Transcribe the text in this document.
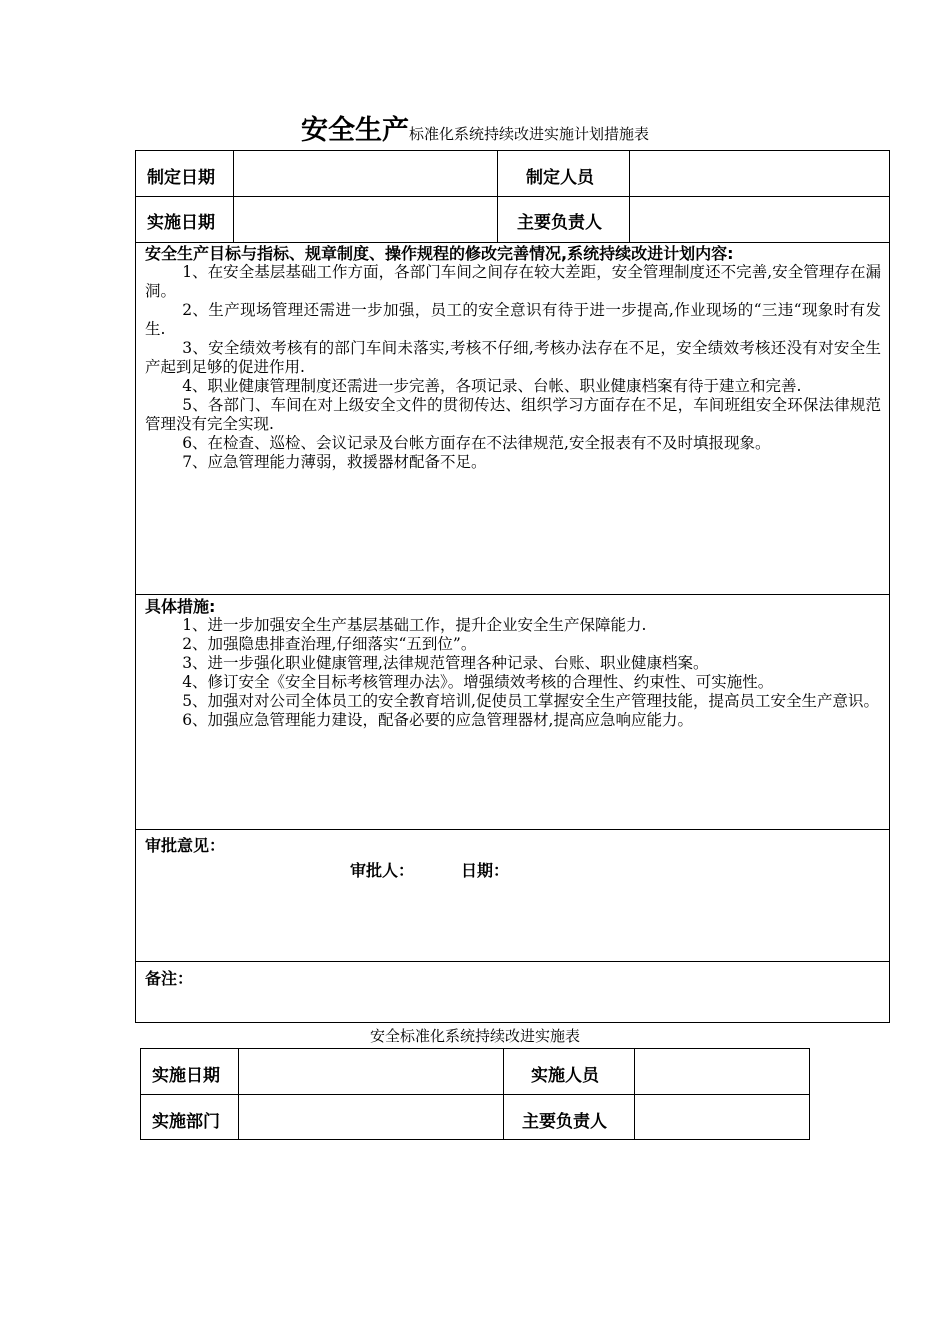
安全生产标准化系统持续改进实施计划措施表
制定日期	制定人员
实施日期	主要负责人
安全生产目标与指标、规章制度、操作规程的修改完善情况,系统持续改进计划内容:
1、在安全基层基础工作方面，各部门车间之间存在较大差距，安全管理制度还不完善,安全管理存在漏洞。
2、生产现场管理还需进一步加强，员工的安全意识有待于进一步提高,作业现场的“三违“现象时有发生.
3、安全绩效考核有的部门车间未落实,考核不仔细,考核办法存在不足，安全绩效考核还没有对安全生产起到足够的促进作用.
4、职业健康管理制度还需进一步完善，各项记录、台帐、职业健康档案有待于建立和完善.
5、各部门、车间在对上级安全文件的贯彻传达、组织学习方面存在不足，车间班组安全环保法律规范管理没有完全实现.
6、在检查、巡检、会议记录及台帐方面存在不法律规范,安全报表有不及时填报现象。
7、应急管理能力薄弱，救援器材配备不足。
具体措施:
1、进一步加强安全生产基层基础工作，提升企业安全生产保障能力.
2、加强隐患排查治理,仔细落实“五到位”。
3、进一步强化职业健康管理,法律规范管理各种记录、台账、职业健康档案。
4、修订安全《安全目标考核管理办法》。增强绩效考核的合理性、约束性、可实施性。
5、加强对对公司全体员工的安全教育培训,促使员工掌握安全生产管理技能，提高员工安全生产意识。
6、加强应急管理能力建设，配备必要的应急管理器材,提高应急响应能力。
审批意见：
审批人：	日期：
备注：
安全标准化系统持续改进实施表
实施日期	实施人员
实施部门	主要负责人
